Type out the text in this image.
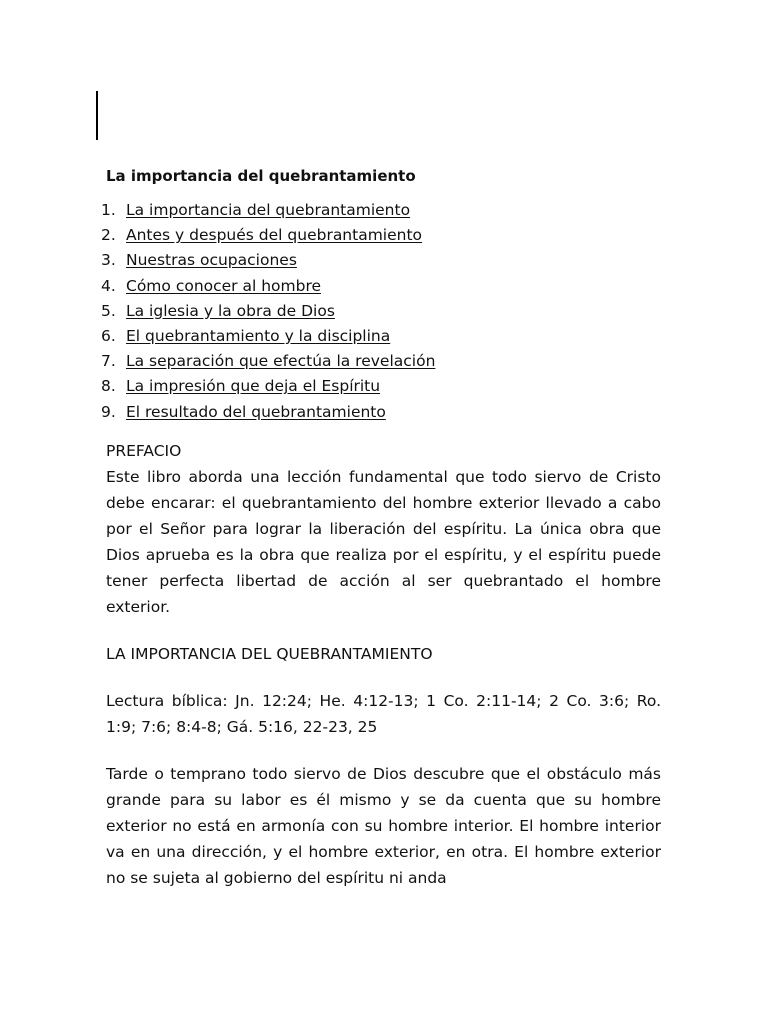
La importancia del quebrantamiento
1. La importancia del quebrantamiento
2. Antes y después del quebrantamiento
3. Nuestras ocupaciones
4. Cómo conocer al hombre
5. La iglesia y la obra de Dios
6. El quebrantamiento y la disciplina
7. La separación que efectúa la revelación
8. La impresión que deja el Espíritu
9. El resultado del quebrantamiento
PREFACIO

Este libro aborda una lección fundamental que todo siervo de Cristo debe encarar: el quebrantamiento del hombre exterior llevado a cabo por el Señor para lograr la liberación del espíritu. La única obra que Dios aprueba es la obra que realiza por el espíritu, y el espíritu puede tener perfecta libertad de acción al ser quebrantado el hombre exterior.

LA IMPORTANCIA DEL QUEBRANTAMIENTO

Lectura bíblica: Jn. 12:24; He. 4:12-13; 1 Co. 2:11-14; 2 Co. 3:6; Ro. 1:9; 7:6; 8:4-8; Gá. 5:16, 22-23, 25

Tarde o temprano todo siervo de Dios descubre que el obstáculo más grande para su labor es él mismo y se da cuenta que su hombre exterior no está en armonía con su hombre interior. El hombre interior va en una dirección, y el hombre exterior, en otra. El hombre exterior no se sujeta al gobierno del espíritu ni anda
